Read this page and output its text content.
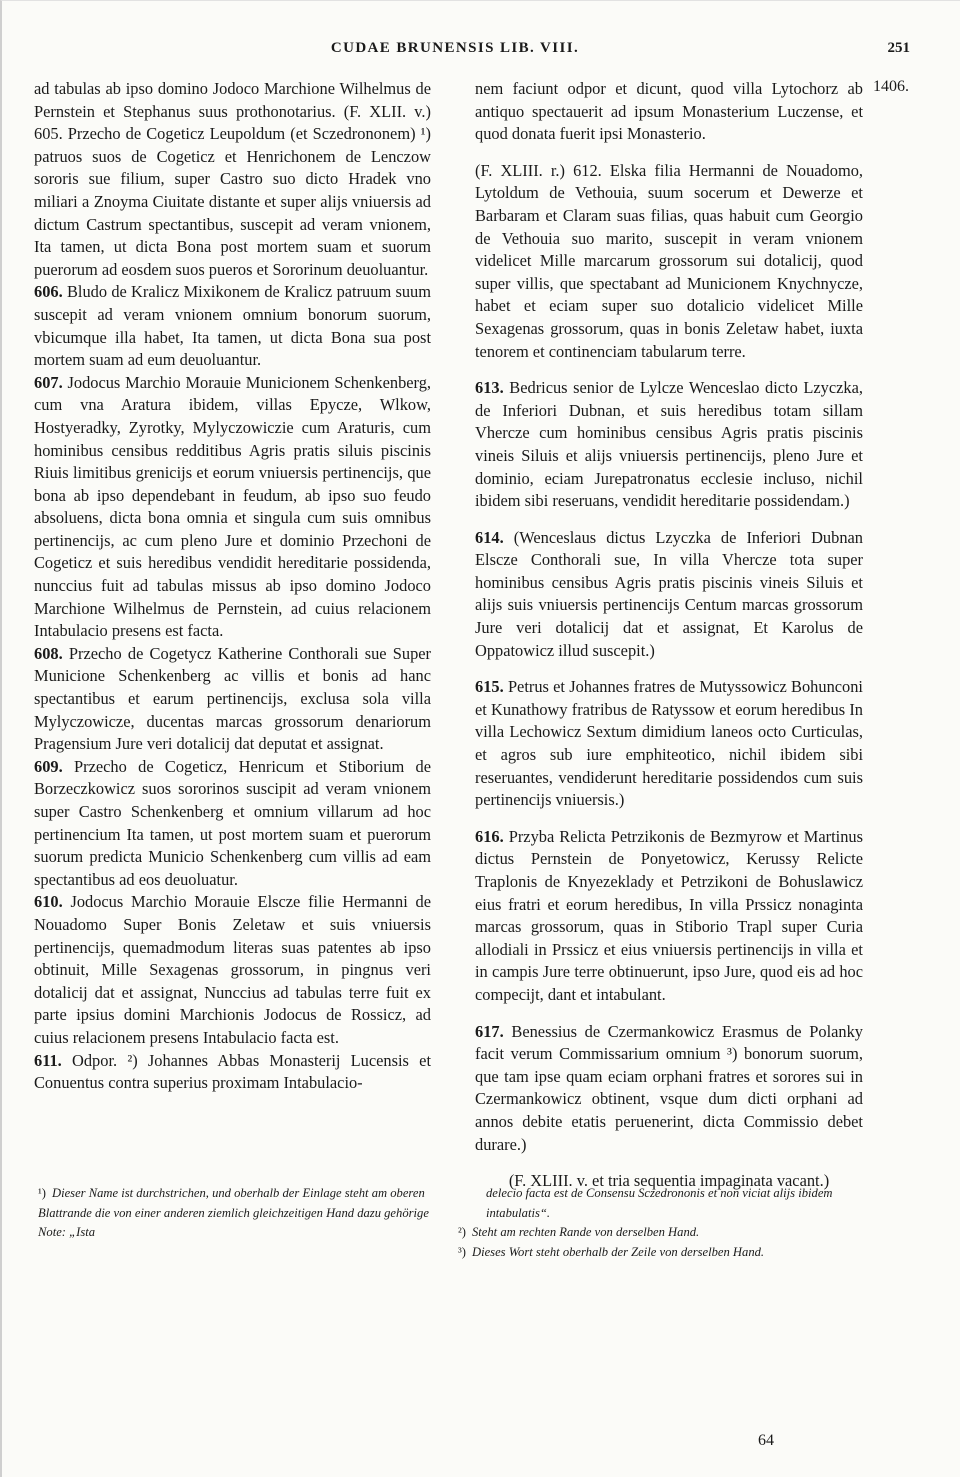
CUDAE BRUNENSIS LIB. VIII.	251
1406.

ad tabulas ab ipso domino Jodoco Marchione Wilhelmus de Pernstein et Stephanus suus prothonotarius. (F. XLII. v.) 605. Przecho de Cogeticz Leupoldum (et Sczedrononem) ¹) patruos suos de Cogeticz et Henrichonem de Lenczow sororis sue filium, super Castro suo dicto Hradek vno miliari a Znoyma Ciuitate distante et super alijs vniuersis ad dictum Castrum spectantibus, suscepit ad veram vnionem, Ita tamen, ut dicta Bona post mortem suam et suorum puerorum ad eosdem suos pueros et Sororinum deuoluantur.

606. Bludo de Kralicz Mixikonem de Kralicz patruum suum suscepit ad veram vnionem omnium bonorum suorum, vbicumque illa habet, Ita tamen, ut dicta Bona sua post mortem suam ad eum deuoluantur.

607. Jodocus Marchio Morauie Municionem Schenkenberg, cum vna Aratura ibidem, villas Epycze, Wlkow, Hostyeradky, Zyrotky, Mylyczowiczie cum Araturis, cum hominibus censibus redditibus Agris pratis siluis piscinis Riuis limitibus grenicijs et eorum vniuersis pertinencijs, que bona ab ipso dependebant in feudum, ab ipso suo feudo absoluens, dicta bona omnia et singula cum suis omnibus pertinencijs, ac cum pleno Jure et dominio Przechoni de Cogeticz et suis heredibus vendidit hereditarie possidenda, nunccius fuit ad tabulas missus ab ipso domino Jodoco Marchione Wilhelmus de Pernstein, ad cuius relacionem Intabulacio presens est facta.

608. Przecho de Cogetycz Katherine Conthorali sue Super Municione Schenkenberg ac villis et bonis ad hanc spectantibus et earum pertinencijs, exclusa sola villa Mylyczowicze, ducentas marcas grossorum denariorum Pragensium Jure veri dotalicij dat deputat et assignat.

609. Przecho de Cogeticz, Henricum et Stiborium de Borzeczkowicz suos sororinos suscipit ad veram vnionem super Castro Schenkenberg et omnium villarum ad hoc pertinencium Ita tamen, ut post mortem suam et puerorum suorum predicta Municio Schenkenberg cum villis ad eam spectantibus ad eos deuoluatur.

610. Jodocus Marchio Morauie Elscze filie Hermanni de Nouadomo Super Bonis Zeletaw et suis vniuersis pertinencijs, quemadmodum literas suas patentes ab ipso obtinuit, Mille Sexagenas grossorum, in pingnus veri dotalicij dat et assignat, Nunccius ad tabulas terre fuit ex parte ipsius domini Marchionis Jodocus de Rossicz, ad cuius relacionem presens Intabulacio facta est.

611. Odpor. ²) Johannes Abbas Monasterij Lucensis et Conuentus contra superius proximam Intabulacio-

nem faciunt odpor et dicunt, quod villa Lytochorz ab antiquo spectauerit ad ipsum Monasterium Luczense, et quod donata fuerit ipsi Monasterio.

(F. XLIII. r.) 612. Elska filia Hermanni de Nouadomo, Lytoldum de Vethouia, suum socerum et Dewerze et Barbaram et Claram suas filias, quas habuit cum Georgio de Vethouia suo marito, suscepit in veram vnionem videlicet Mille marcarum grossorum sui dotalicij, quod super villis, que spectabant ad Municionem Knychnycze, habet et eciam super suo dotalicio videlicet Mille Sexagenas grossorum, quas in bonis Zeletaw habet, iuxta tenorem et continenciam tabularum terre.

613. Bedricus senior de Lylcze Wenceslao dicto Lzyczka, de Inferiori Dubnan, et suis heredibus totam sillam Vhercze cum hominibus censibus Agris pratis piscinis vineis Siluis et alijs vniuersis pertinencijs, pleno Jure et dominio, eciam Jurepatronatus ecclesie incluso, nichil ibidem sibi reseruans, vendidit hereditarie possidendam.)

614. (Wenceslaus dictus Lzyczka de Inferiori Dubnan Elscze Conthorali sue, In villa Vhercze tota super hominibus censibus Agris pratis piscinis vineis Siluis et alijs suis vniuersis pertinencijs Centum marcas grossorum Jure veri dotalicij dat et assignat, Et Karolus de Oppatowicz illud suscepit.)

615. Petrus et Johannes fratres de Mutyssowicz Bohunconi et Kunathowy fratribus de Ratyssow et eorum heredibus In villa Lechowicz Sextum dimidium laneos octo Curticulas, et agros sub iure emphiteotico, nichil ibidem sibi reseruantes, vendiderunt hereditarie possidendos cum suis pertinencijs vniuersis.)

616. Przyba Relicta Petrzikonis de Bezmyrow et Martinus dictus Pernstein de Ponyetowicz, Kerussy Relicte Traplonis de Knyezeklady et Petrzikoni de Bohuslawicz eius fratri et eorum heredibus, In villa Prssicz nonaginta marcas grossorum, quas in Stiborio Trapl super Curia allodiali in Prssicz et eius vniuersis pertinencijs in villa et in campis Jure terre obtinuerunt, ipso Jure, quod eis ad hoc compecijt, dant et intabulant.

617. Benessius de Czermankowicz Erasmus de Polanky facit verum Commissarium omnium ³) bonorum suorum, que tam ipse quam eciam orphani fratres et sorores sui in Czermankowicz obtinent, vsque dum dicti orphani ad annos debite etatis peruenerint, dicta Commissio debet durare.)

(F. XLIII. v. et tria sequentia impaginata vacant.)

¹) Dieser Name ist durchstrichen, und oberhalb der Einlage steht am oberen Blattrande die von einer anderen ziemlich gleichzeitigen Hand dazu gehörige Note: „Ista

delecio facta est de Consensu Sczedrononis et non viciat alijs ibidem intabulatis“.

²) Steht am rechten Rande von derselben Hand.

³) Dieses Wort steht oberhalb der Zeile von derselben Hand.

64
